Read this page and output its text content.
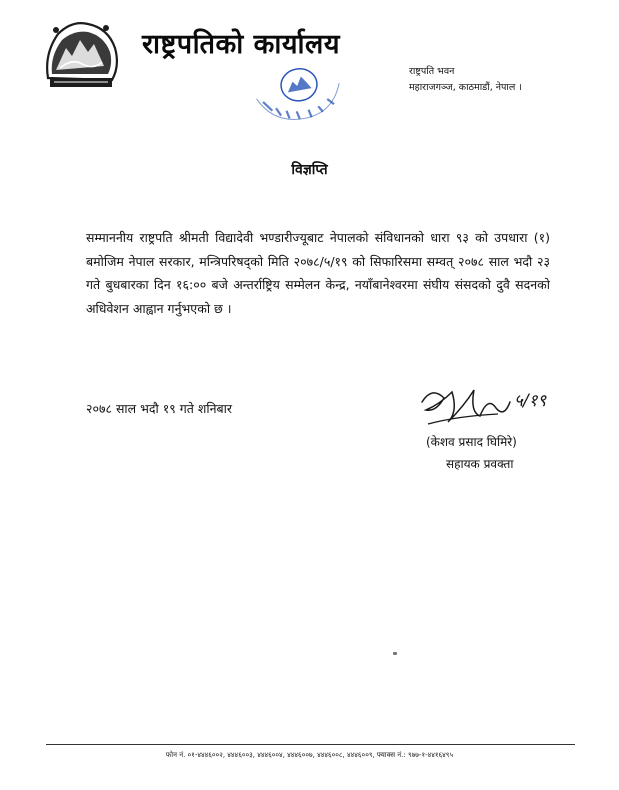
राष्ट्रपतिको कार्यालय
राष्ट्रपति भवन
महाराजगञ्ज, काठमाडौं, नेपाल ।
विज्ञप्ति
सम्माननीय राष्ट्रपति श्रीमती विद्यादेवी भण्डारीज्यूबाट नेपालको संविधानको धारा ९३ को उपधारा (१) बमोजिम नेपाल सरकार, मन्त्रिपरिषद्को मिति २०७८/५/१९ को सिफारिसमा सम्वत् २०७८ साल भदौ २३ गते बुधबारका दिन १६:०० बजे अन्तर्राष्ट्रिय सम्मेलन केन्द्र, नयाँबानेश्वरमा संघीय संसदको दुवै सदनको अधिवेशन आह्वान गर्नुभएको छ ।
२०७८ साल भदौ १९ गते शनिबार	५/१९
(केशव प्रसाद घिमिरे)
सहायक प्रवक्ता
फोन नं. ०१-४४४६००२, ४४४६००३, ४४४६००४, ४४४६००७, ४४४६००८, ४४४६००९, फ्याक्स नं.: ९७७-१-४४१६४९५
